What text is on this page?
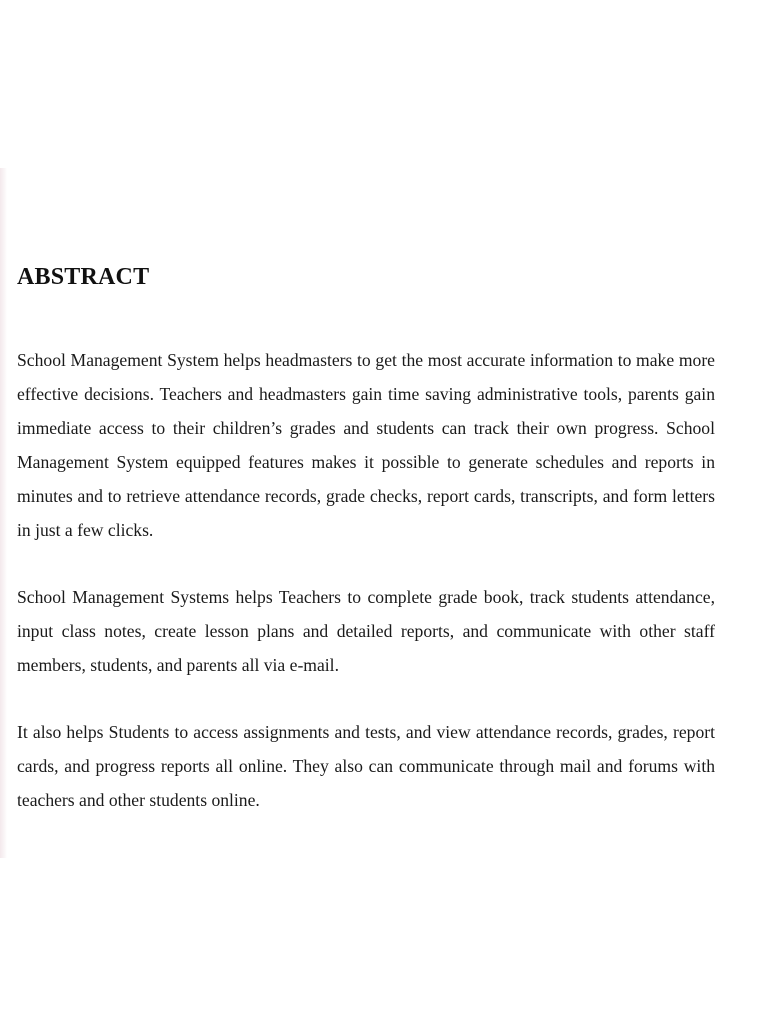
ABSTRACT

School Management System helps headmasters to get the most accurate information to make more effective decisions. Teachers and headmasters gain time saving administrative tools, parents gain immediate access to their children’s grades and students can track their own progress. School Management System equipped features makes it possible to generate schedules and reports in minutes and to retrieve attendance records, grade checks, report cards, transcripts, and form letters in just a few clicks.

School Management Systems helps Teachers to complete grade book, track students attendance, input class notes, create lesson plans and detailed reports, and communicate with other staff members, students, and parents all via e-mail.

It also helps Students to access assignments and tests, and view attendance records, grades, report cards, and progress reports all online. They also can communicate through mail and forums with teachers and other students online.
